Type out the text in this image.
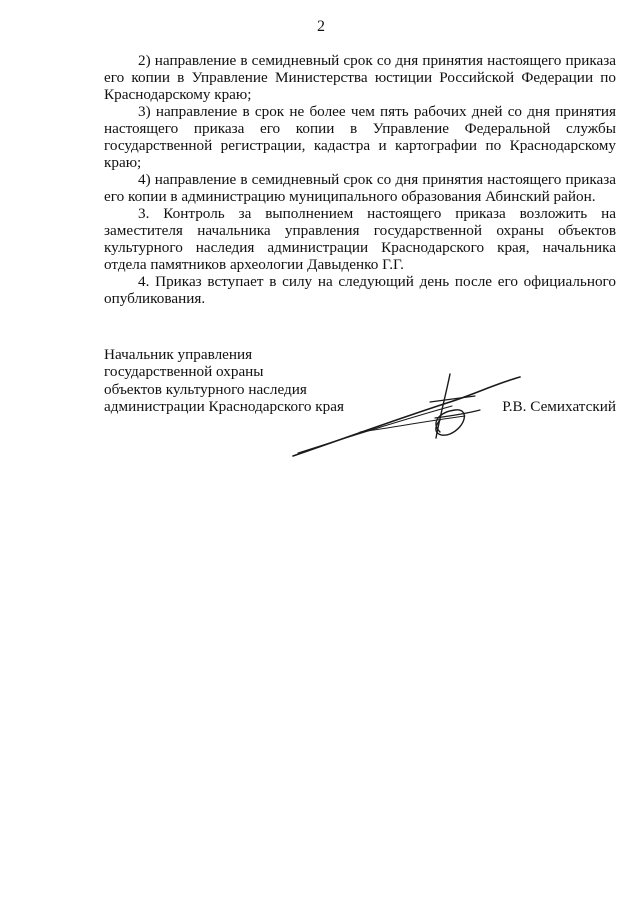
2

2) направление в семидневный срок со дня принятия настоящего приказа его копии в Управление Министерства юстиции Российской Федерации по Краснодарскому краю;

3) направление в срок не более чем пять рабочих дней со дня принятия настоящего приказа его копии в Управление Федеральной службы государственной регистрации, кадастра и картографии по Краснодарскому краю;

4) направление в семидневный срок со дня принятия настоящего приказа его копии в администрацию муниципального образования Абинский район.

3. Контроль за выполнением настоящего приказа возложить на заместителя начальника управления государственной охраны объектов культурного наследия администрации Краснодарского края, начальника отдела памятников археологии Давыденко Г.Г.

4. Приказ вступает в силу на следующий день после его официального опубликования.

Начальник управления
государственной охраны
объектов культурного наследия
администрации Краснодарского края	Р.В. Семихатский
